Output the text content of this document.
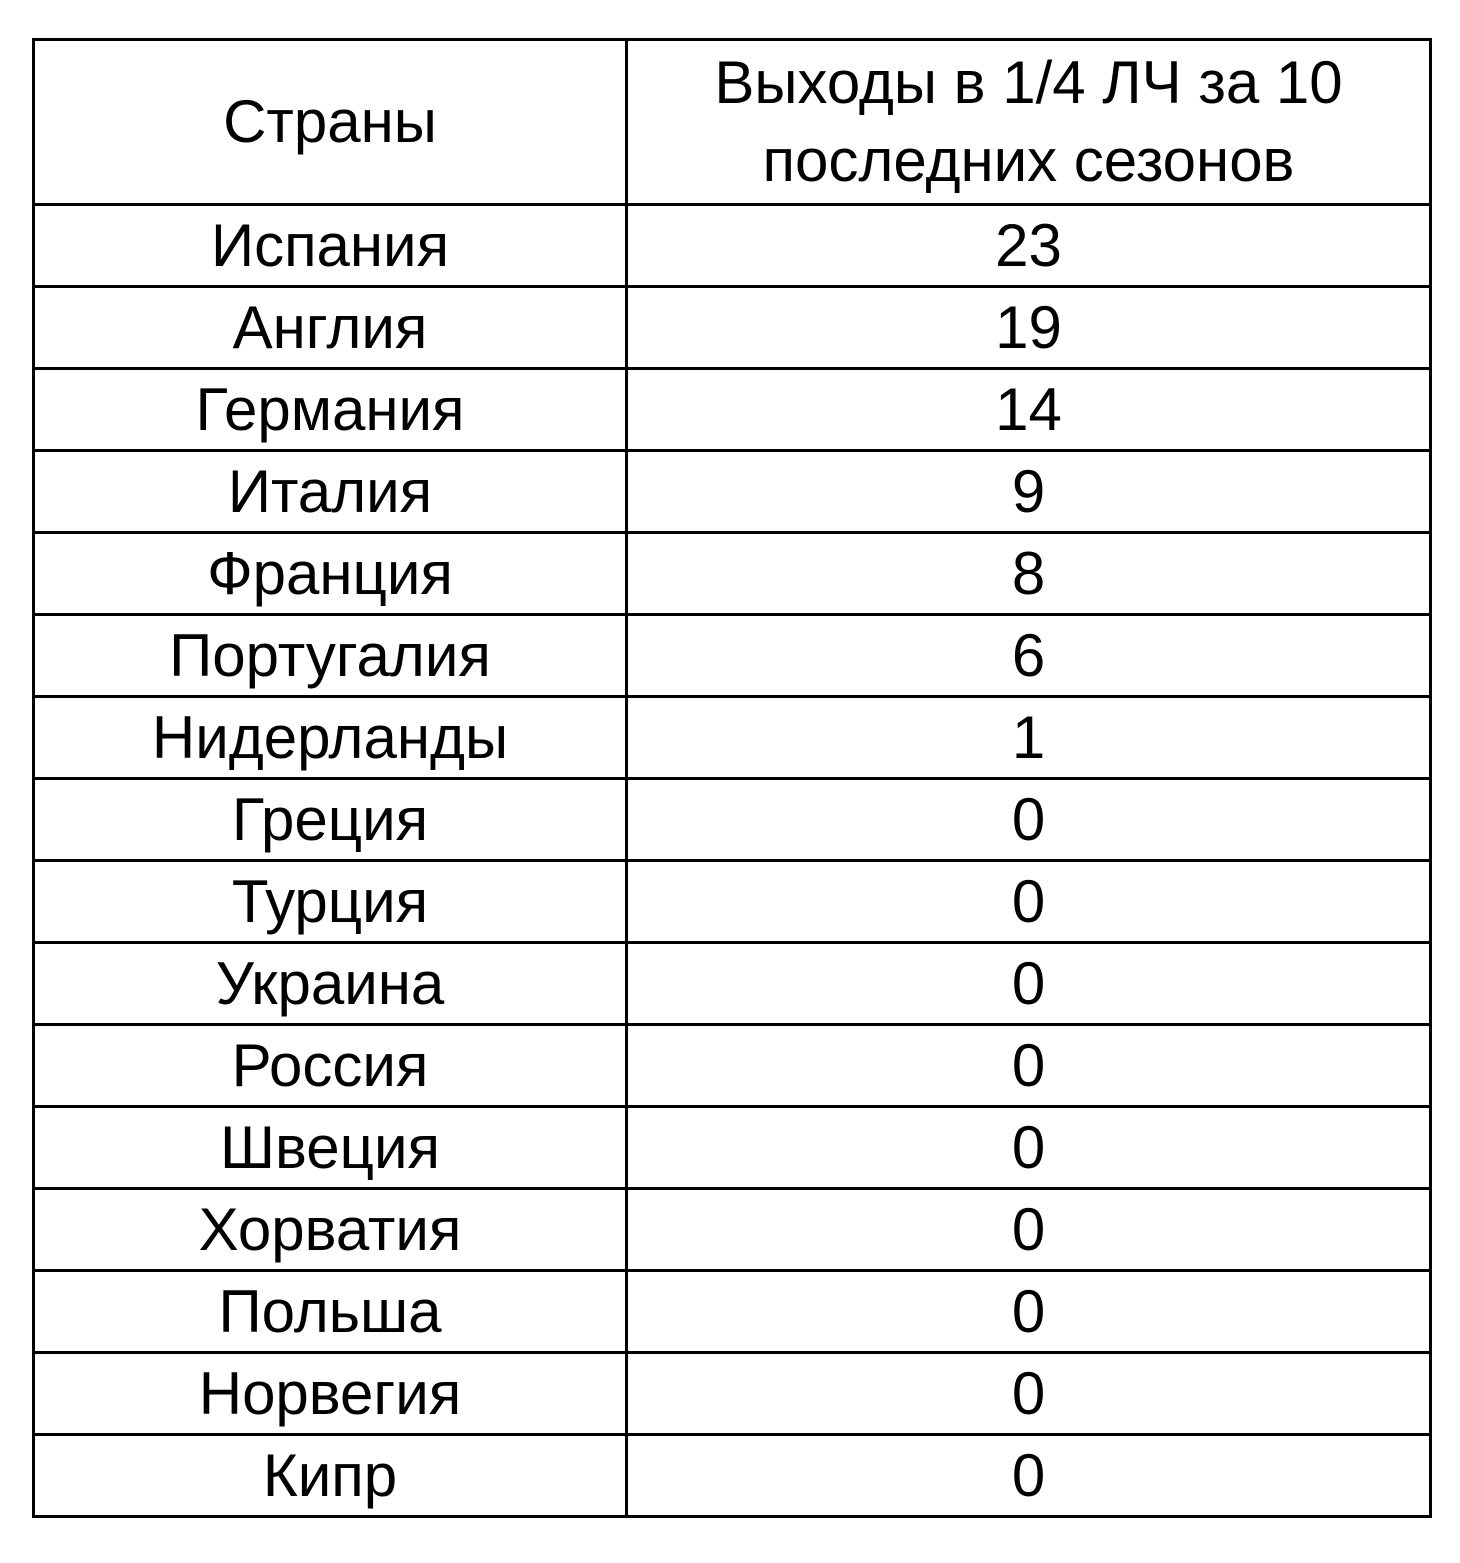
Страны	Выходы в 1/4 ЛЧ за 10 последних сезонов
Испания	23
Англия	19
Германия	14
Италия	9
Франция	8
Португалия	6
Нидерланды	1
Греция	0
Турция	0
Украина	0
Россия	0
Швеция	0
Хорватия	0
Польша	0
Норвегия	0
Кипр	0
